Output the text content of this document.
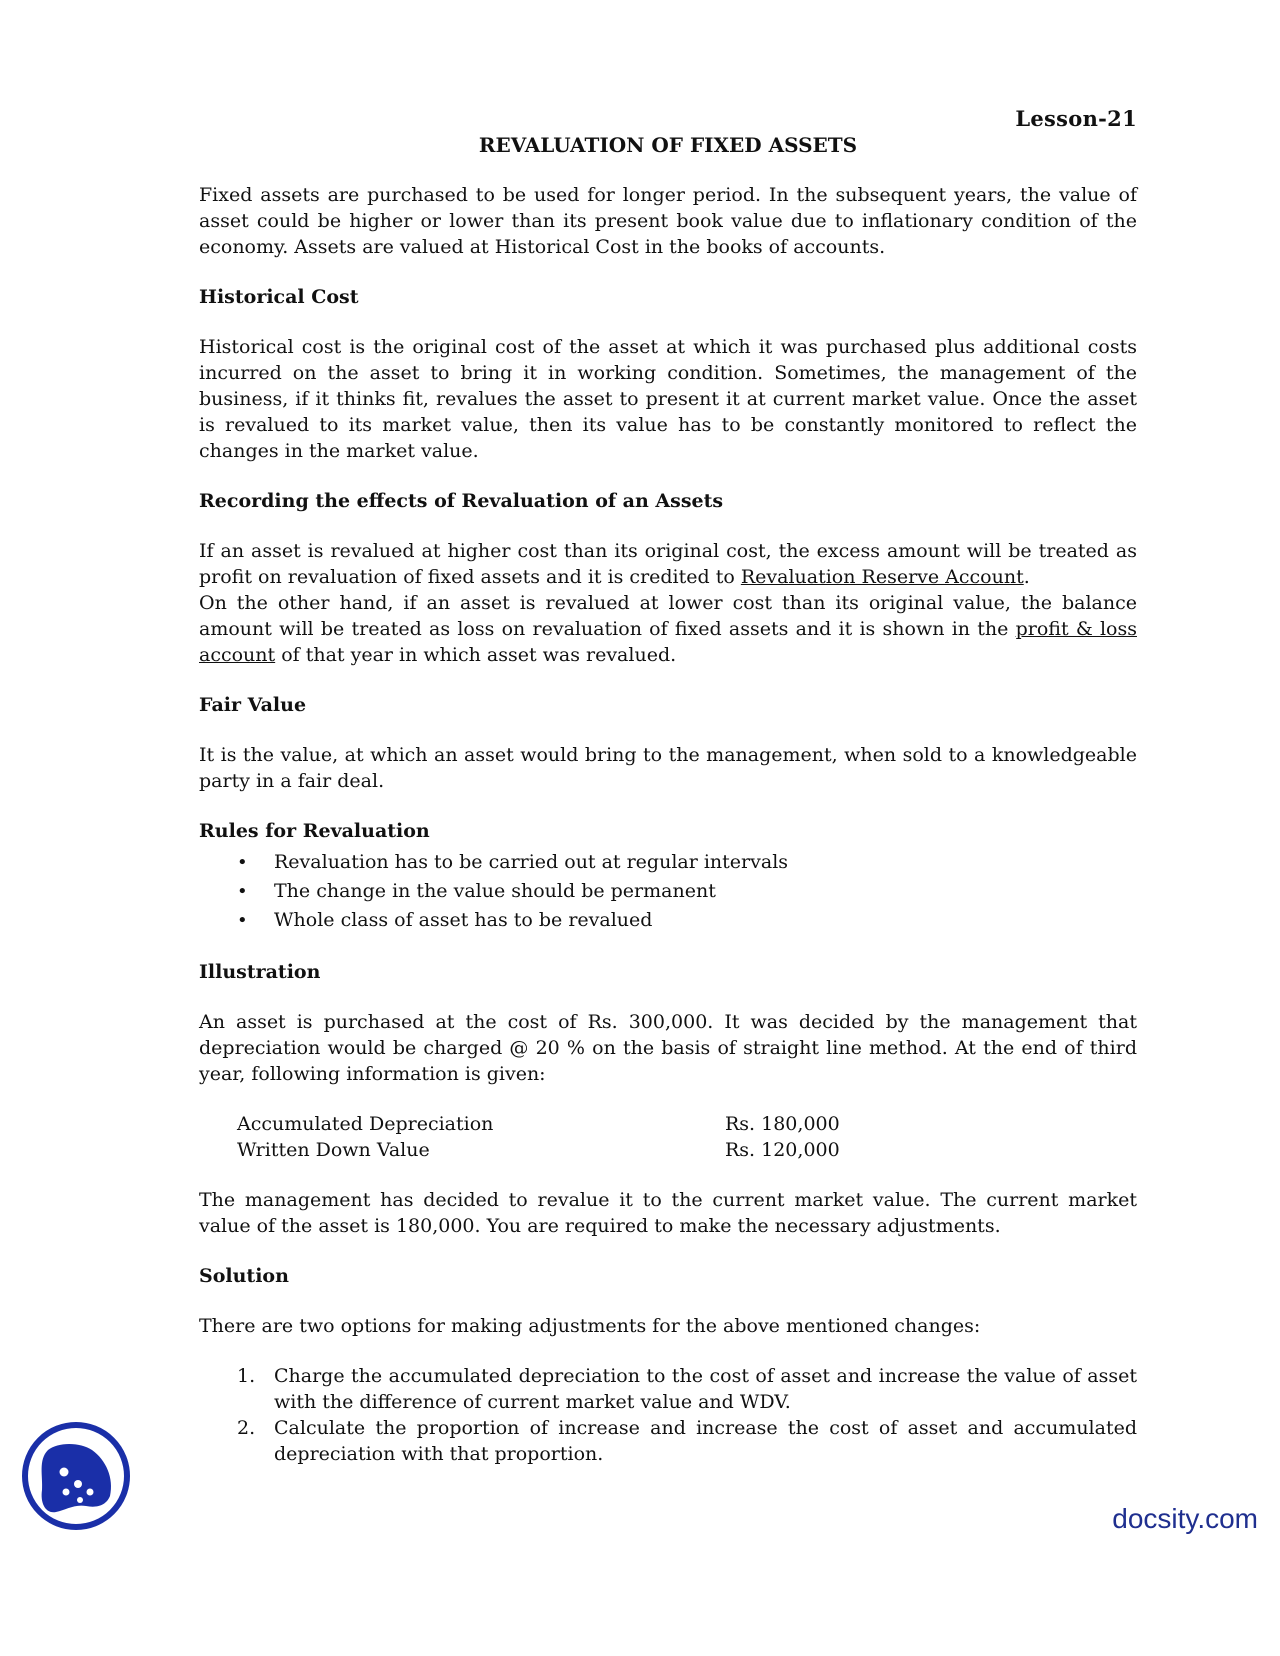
Lesson-21
REVALUATION OF FIXED ASSETS

Fixed assets are purchased to be used for longer period. In the subsequent years, the value of asset could be higher or lower than its present book value due to inflationary condition of the economy. Assets are valued at Historical Cost in the books of accounts.

Historical Cost

Historical cost is the original cost of the asset at which it was purchased plus additional costs incurred on the asset to bring it in working condition. Sometimes, the management of the business, if it thinks fit, revalues the asset to present it at current market value. Once the asset is revalued to its market value, then its value has to be constantly monitored to reflect the changes in the market value.

Recording the effects of Revaluation of an Assets

If an asset is revalued at higher cost than its original cost, the excess amount will be treated as profit on revaluation of fixed assets and it is credited to Revaluation Reserve Account.

On the other hand, if an asset is revalued at lower cost than its original value, the balance amount will be treated as loss on revaluation of fixed assets and it is shown in the profit & loss account of that year in which asset was revalued.

Fair Value

It is the value, at which an asset would bring to the management, when sold to a knowledgeable party in a fair deal.

Rules for Revaluation
• Revaluation has to be carried out at regular intervals
• The change in the value should be permanent
• Whole class of asset has to be revalued
Illustration

An asset is purchased at the cost of Rs. 300,000. It was decided by the management that depreciation would be charged @ 20 % on the basis of straight line method. At the end of third year, following information is given:

Accumulated Depreciation	Rs. 180,000
Written Down Value	Rs. 120,000

The management has decided to revalue it to the current market value. The current market value of the asset is 180,000. You are required to make the necessary adjustments.

Solution

There are two options for making adjustments for the above mentioned changes:

1. Charge the accumulated depreciation to the cost of asset and increase the value of asset with the difference of current market value and WDV.
2. Calculate the proportion of increase and increase the cost of asset and accumulated depreciation with that proportion.
docsity.com
